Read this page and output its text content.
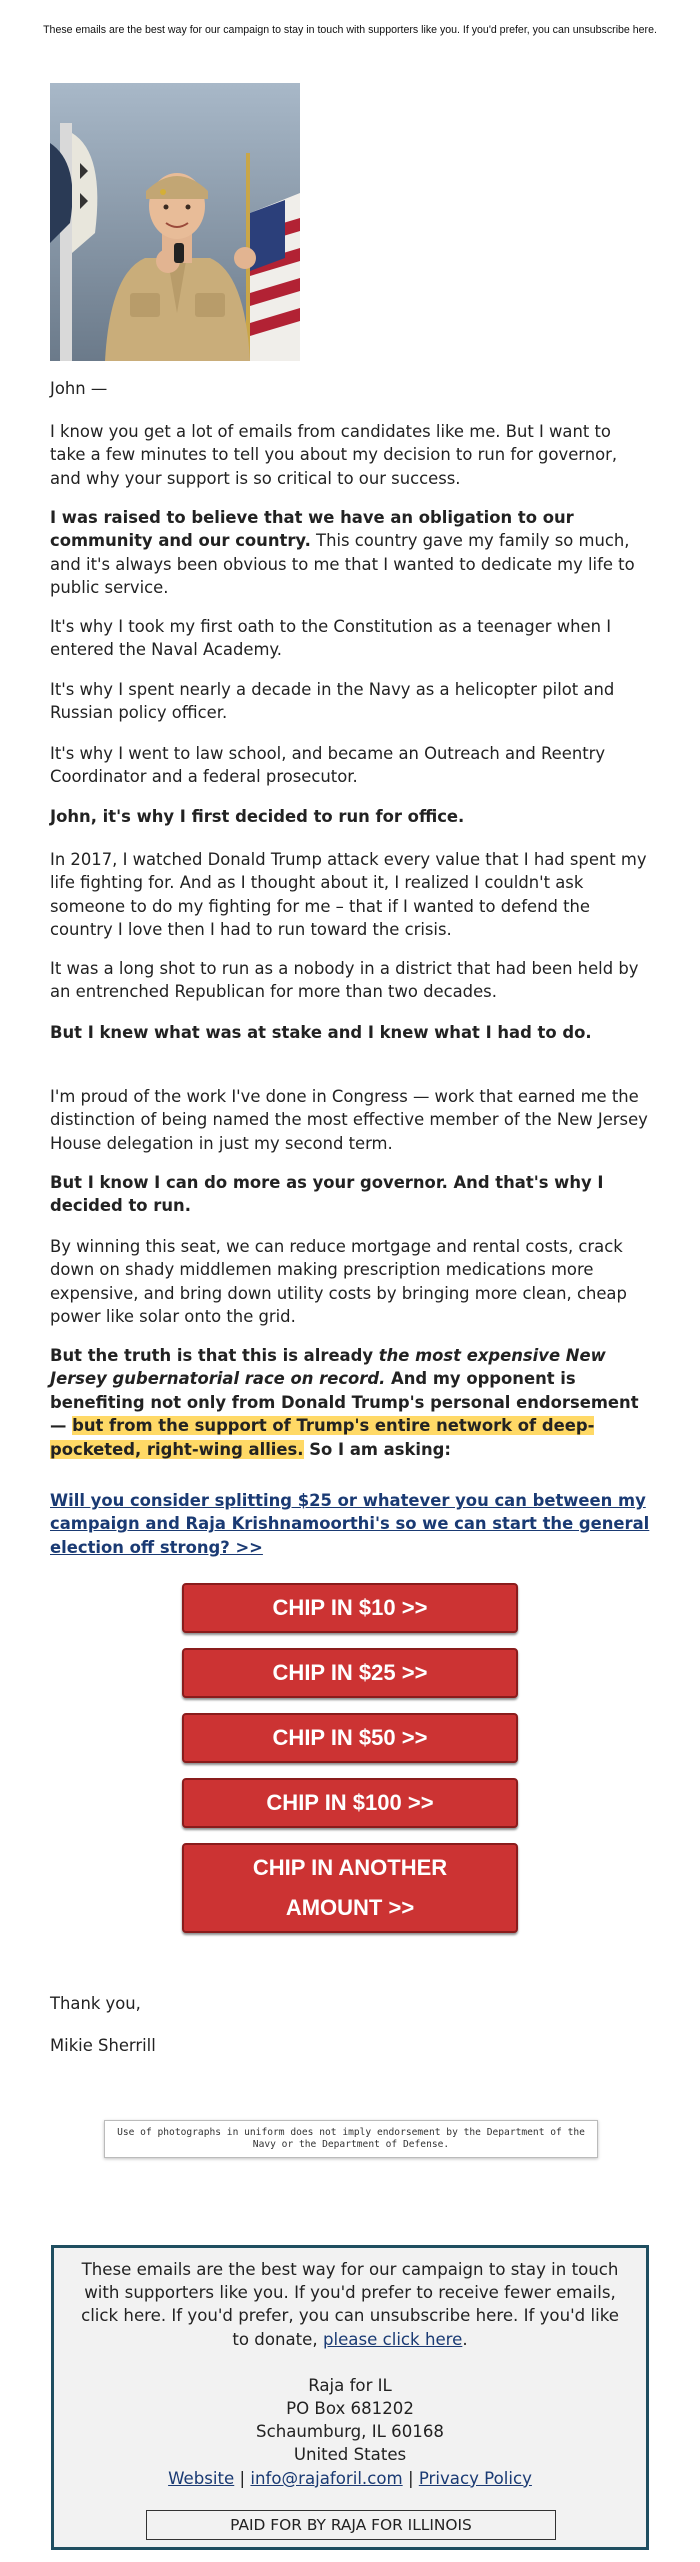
These emails are the best way for our campaign to stay in touch with supporters like you. If you'd prefer, you can unsubscribe here.

John —

I know you get a lot of emails from candidates like me. But I want to take a few minutes to tell you about my decision to run for governor, and why your support is so critical to our success.

I was raised to believe that we have an obligation to our community and our country. This country gave my family so much, and it's always been obvious to me that I wanted to dedicate my life to public service.

It's why I took my first oath to the Constitution as a teenager when I entered the Naval Academy.

It's why I spent nearly a decade in the Navy as a helicopter pilot and Russian policy officer.

It's why I went to law school, and became an Outreach and Reentry Coordinator and a federal prosecutor.

John, it's why I first decided to run for office.

In 2017, I watched Donald Trump attack every value that I had spent my life fighting for. And as I thought about it, I realized I couldn't ask someone to do my fighting for me – that if I wanted to defend the country I love then I had to run toward the crisis.

It was a long shot to run as a nobody in a district that had been held by an entrenched Republican for more than two decades.

But I knew what was at stake and I knew what I had to do.

I'm proud of the work I've done in Congress — work that earned me the distinction of being named the most effective member of the New Jersey House delegation in just my second term.

But I know I can do more as your governor. And that's why I decided to run.

By winning this seat, we can reduce mortgage and rental costs, crack down on shady middlemen making prescription medications more expensive, and bring down utility costs by bringing more clean, cheap power like solar onto the grid.

But the truth is that this is already the most expensive New Jersey gubernatorial race on record. And my opponent is benefiting not only from Donald Trump's personal endorsement — but from the support of Trump's entire network of deep-pocketed, right-wing allies. So I am asking:

Will you consider splitting $25 or whatever you can between my campaign and Raja Krishnamoorthi's so we can start the general election off strong? >>

CHIP IN $10 >>
CHIP IN $25 >>
CHIP IN $50 >>
CHIP IN $100 >>
CHIP IN ANOTHER
AMOUNT >>

Thank you,

Mikie Sherrill

Use of photographs in uniform does not imply endorsement by the Department of the Navy or the Department of Defense.
These emails are the best way for our campaign to stay in touch with supporters like you. If you'd prefer to receive fewer emails, click here. If you'd prefer, you can unsubscribe here. If you'd like to donate, please click here.
Raja for IL
PO Box 681202
Schaumburg, IL 60168
United States
Website | info@rajaforil.com | Privacy Policy
PAID FOR BY RAJA FOR ILLINOIS
